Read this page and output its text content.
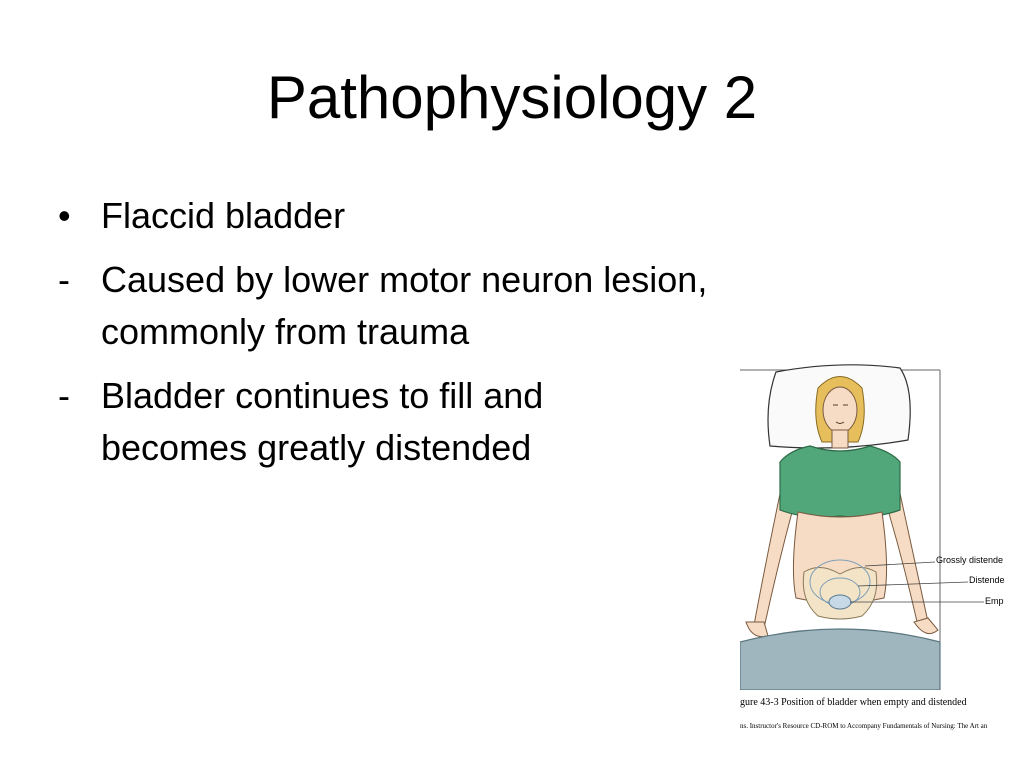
Pathophysiology 2
• Flaccid bladder
- Caused by lower motor neuron lesion, commonly from trauma
- Bladder continues to fill and
becomes greatly distended
Grossly distende
Distende
Emp
gure 43-3 Position of bladder when empty and distended
ns. Instructor's Resource CD-ROM to Accompany Fundamentals of Nursing: The Art an
